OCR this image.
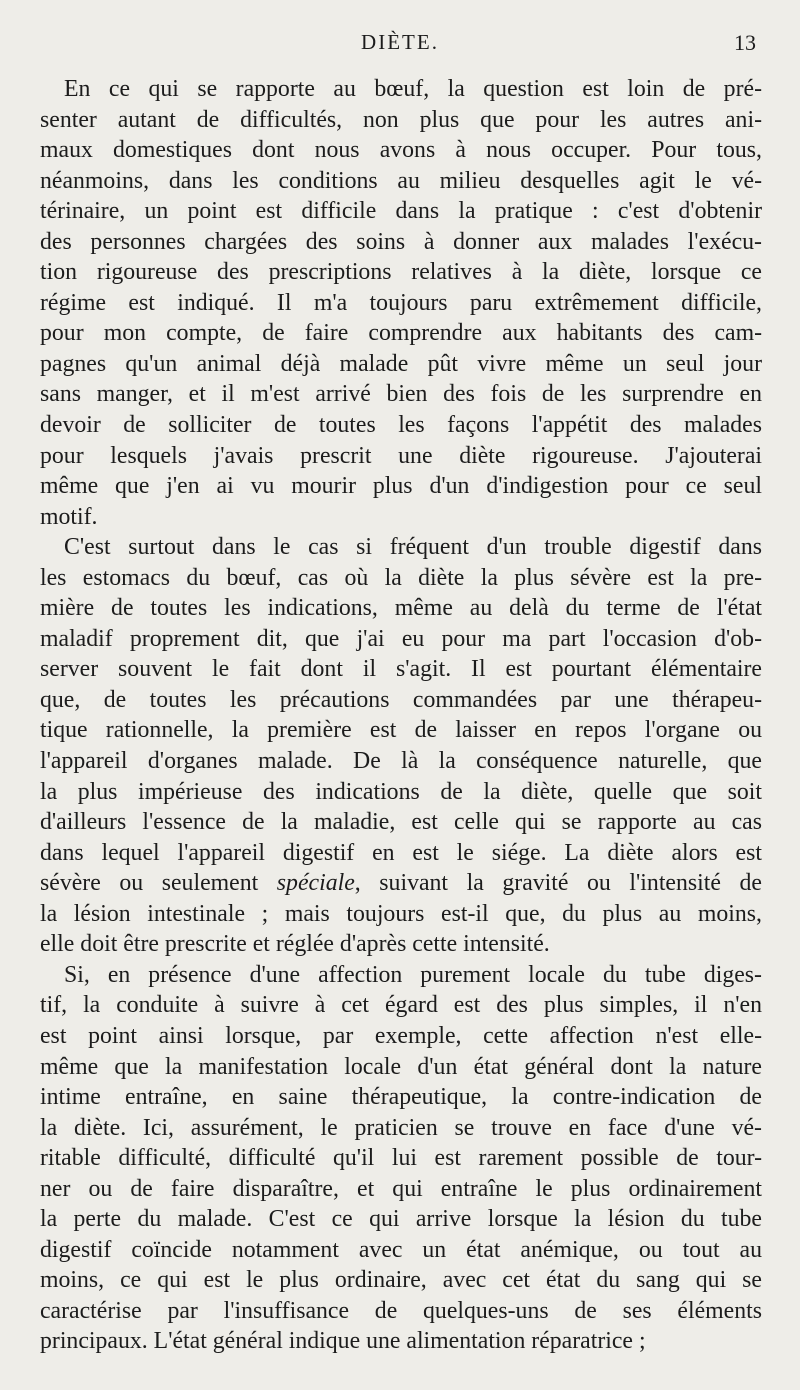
DIÈTE.	13
En ce qui se rapporte au bœuf, la question est loin de pré-
senter autant de difficultés, non plus que pour les autres ani-
maux domestiques dont nous avons à nous occuper. Pour tous,
néanmoins, dans les conditions au milieu desquelles agit le vé-
térinaire, un point est difficile dans la pratique : c'est d'obtenir
des personnes chargées des soins à donner aux malades l'exécu-
tion rigoureuse des prescriptions relatives à la diète, lorsque ce
régime est indiqué. Il m'a toujours paru extrêmement difficile,
pour mon compte, de faire comprendre aux habitants des cam-
pagnes qu'un animal déjà malade pût vivre même un seul jour
sans manger, et il m'est arrivé bien des fois de les surprendre en
devoir de solliciter de toutes les façons l'appétit des malades
pour lesquels j'avais prescrit une diète rigoureuse. J'ajouterai
même que j'en ai vu mourir plus d'un d'indigestion pour ce seul
motif.
C'est surtout dans le cas si fréquent d'un trouble digestif dans
les estomacs du bœuf, cas où la diète la plus sévère est la pre-
mière de toutes les indications, même au delà du terme de l'état
maladif proprement dit, que j'ai eu pour ma part l'occasion d'ob-
server souvent le fait dont il s'agit. Il est pourtant élémentaire
que, de toutes les précautions commandées par une thérapeu-
tique rationnelle, la première est de laisser en repos l'organe ou
l'appareil d'organes malade. De là la conséquence naturelle, que
la plus impérieuse des indications de la diète, quelle que soit
d'ailleurs l'essence de la maladie, est celle qui se rapporte au cas
dans lequel l'appareil digestif en est le siége. La diète alors est
sévère ou seulement spéciale, suivant la gravité ou l'intensité de
la lésion intestinale ; mais toujours est-il que, du plus au moins,
elle doit être prescrite et réglée d'après cette intensité.
Si, en présence d'une affection purement locale du tube diges-
tif, la conduite à suivre à cet égard est des plus simples, il n'en
est point ainsi lorsque, par exemple, cette affection n'est elle-
même que la manifestation locale d'un état général dont la nature
intime entraîne, en saine thérapeutique, la contre-indication de
la diète. Ici, assurément, le praticien se trouve en face d'une vé-
ritable difficulté, difficulté qu'il lui est rarement possible de tour-
ner ou de faire disparaître, et qui entraîne le plus ordinairement
la perte du malade. C'est ce qui arrive lorsque la lésion du tube
digestif coïncide notamment avec un état anémique, ou tout au
moins, ce qui est le plus ordinaire, avec cet état du sang qui se
caractérise par l'insuffisance de quelques-uns de ses éléments
principaux. L'état général indique une alimentation réparatrice ;
